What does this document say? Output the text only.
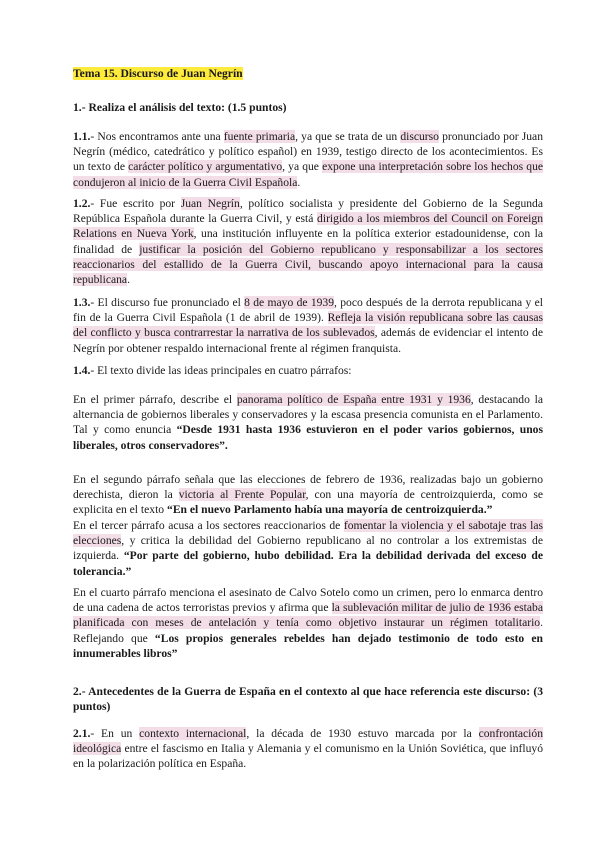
Tema 15. Discurso de Juan Negrín

1.- Realiza el análisis del texto: (1.5 puntos)

1.1.- Nos encontramos ante una fuente primaria, ya que se trata de un discurso pronunciado por Juan Negrín (médico, catedrático y político español) en 1939, testigo directo de los acontecimientos. Es un texto de carácter político y argumentativo, ya que expone una interpretación sobre los hechos que condujeron al inicio de la Guerra Civil Española.

1.2.- Fue escrito por Juan Negrín, político socialista y presidente del Gobierno de la Segunda República Española durante la Guerra Civil, y está dirigido a los miembros del Council on Foreign Relations en Nueva York, una institución influyente en la política exterior estadounidense, con la finalidad de justificar la posición del Gobierno republicano y responsabilizar a los sectores reaccionarios del estallido de la Guerra Civil, buscando apoyo internacional para la causa republicana.

1.3.- El discurso fue pronunciado el 8 de mayo de 1939, poco después de la derrota republicana y el fin de la Guerra Civil Española (1 de abril de 1939). Refleja la visión republicana sobre las causas del conflicto y busca contrarrestar la narrativa de los sublevados, además de evidenciar el intento de Negrín por obtener respaldo internacional frente al régimen franquista.

1.4.- El texto divide las ideas principales en cuatro párrafos:

En el primer párrafo, describe el panorama político de España entre 1931 y 1936, destacando la alternancia de gobiernos liberales y conservadores y la escasa presencia comunista en el Parlamento. Tal y como enuncia “Desde 1931 hasta 1936 estuvieron en el poder varios gobiernos, unos liberales, otros conservadores”.

En el segundo párrafo señala que las elecciones de febrero de 1936, realizadas bajo un gobierno derechista, dieron la victoria al Frente Popular, con una mayoría de centroizquierda, como se explicita en el texto “En el nuevo Parlamento había una mayoría de centroizquierda.”

En el tercer párrafo acusa a los sectores reaccionarios de fomentar la violencia y el sabotaje tras las elecciones, y critica la debilidad del Gobierno republicano al no controlar a los extremistas de izquierda. “Por parte del gobierno, hubo debilidad. Era la debilidad derivada del exceso de tolerancia.”

En el cuarto párrafo menciona el asesinato de Calvo Sotelo como un crimen, pero lo enmarca dentro de una cadena de actos terroristas previos y afirma que la sublevación militar de julio de 1936 estaba planificada con meses de antelación y tenía como objetivo instaurar un régimen totalitario. Reflejando que “Los propios generales rebeldes han dejado testimonio de todo esto en innumerables libros”

2.- Antecedentes de la Guerra de España en el contexto al que hace referencia este discurso: (3 puntos)

2.1.- En un contexto internacional, la década de 1930 estuvo marcada por la confrontación ideológica entre el fascismo en Italia y Alemania y el comunismo en la Unión Soviética, que influyó en la polarización política en España.
